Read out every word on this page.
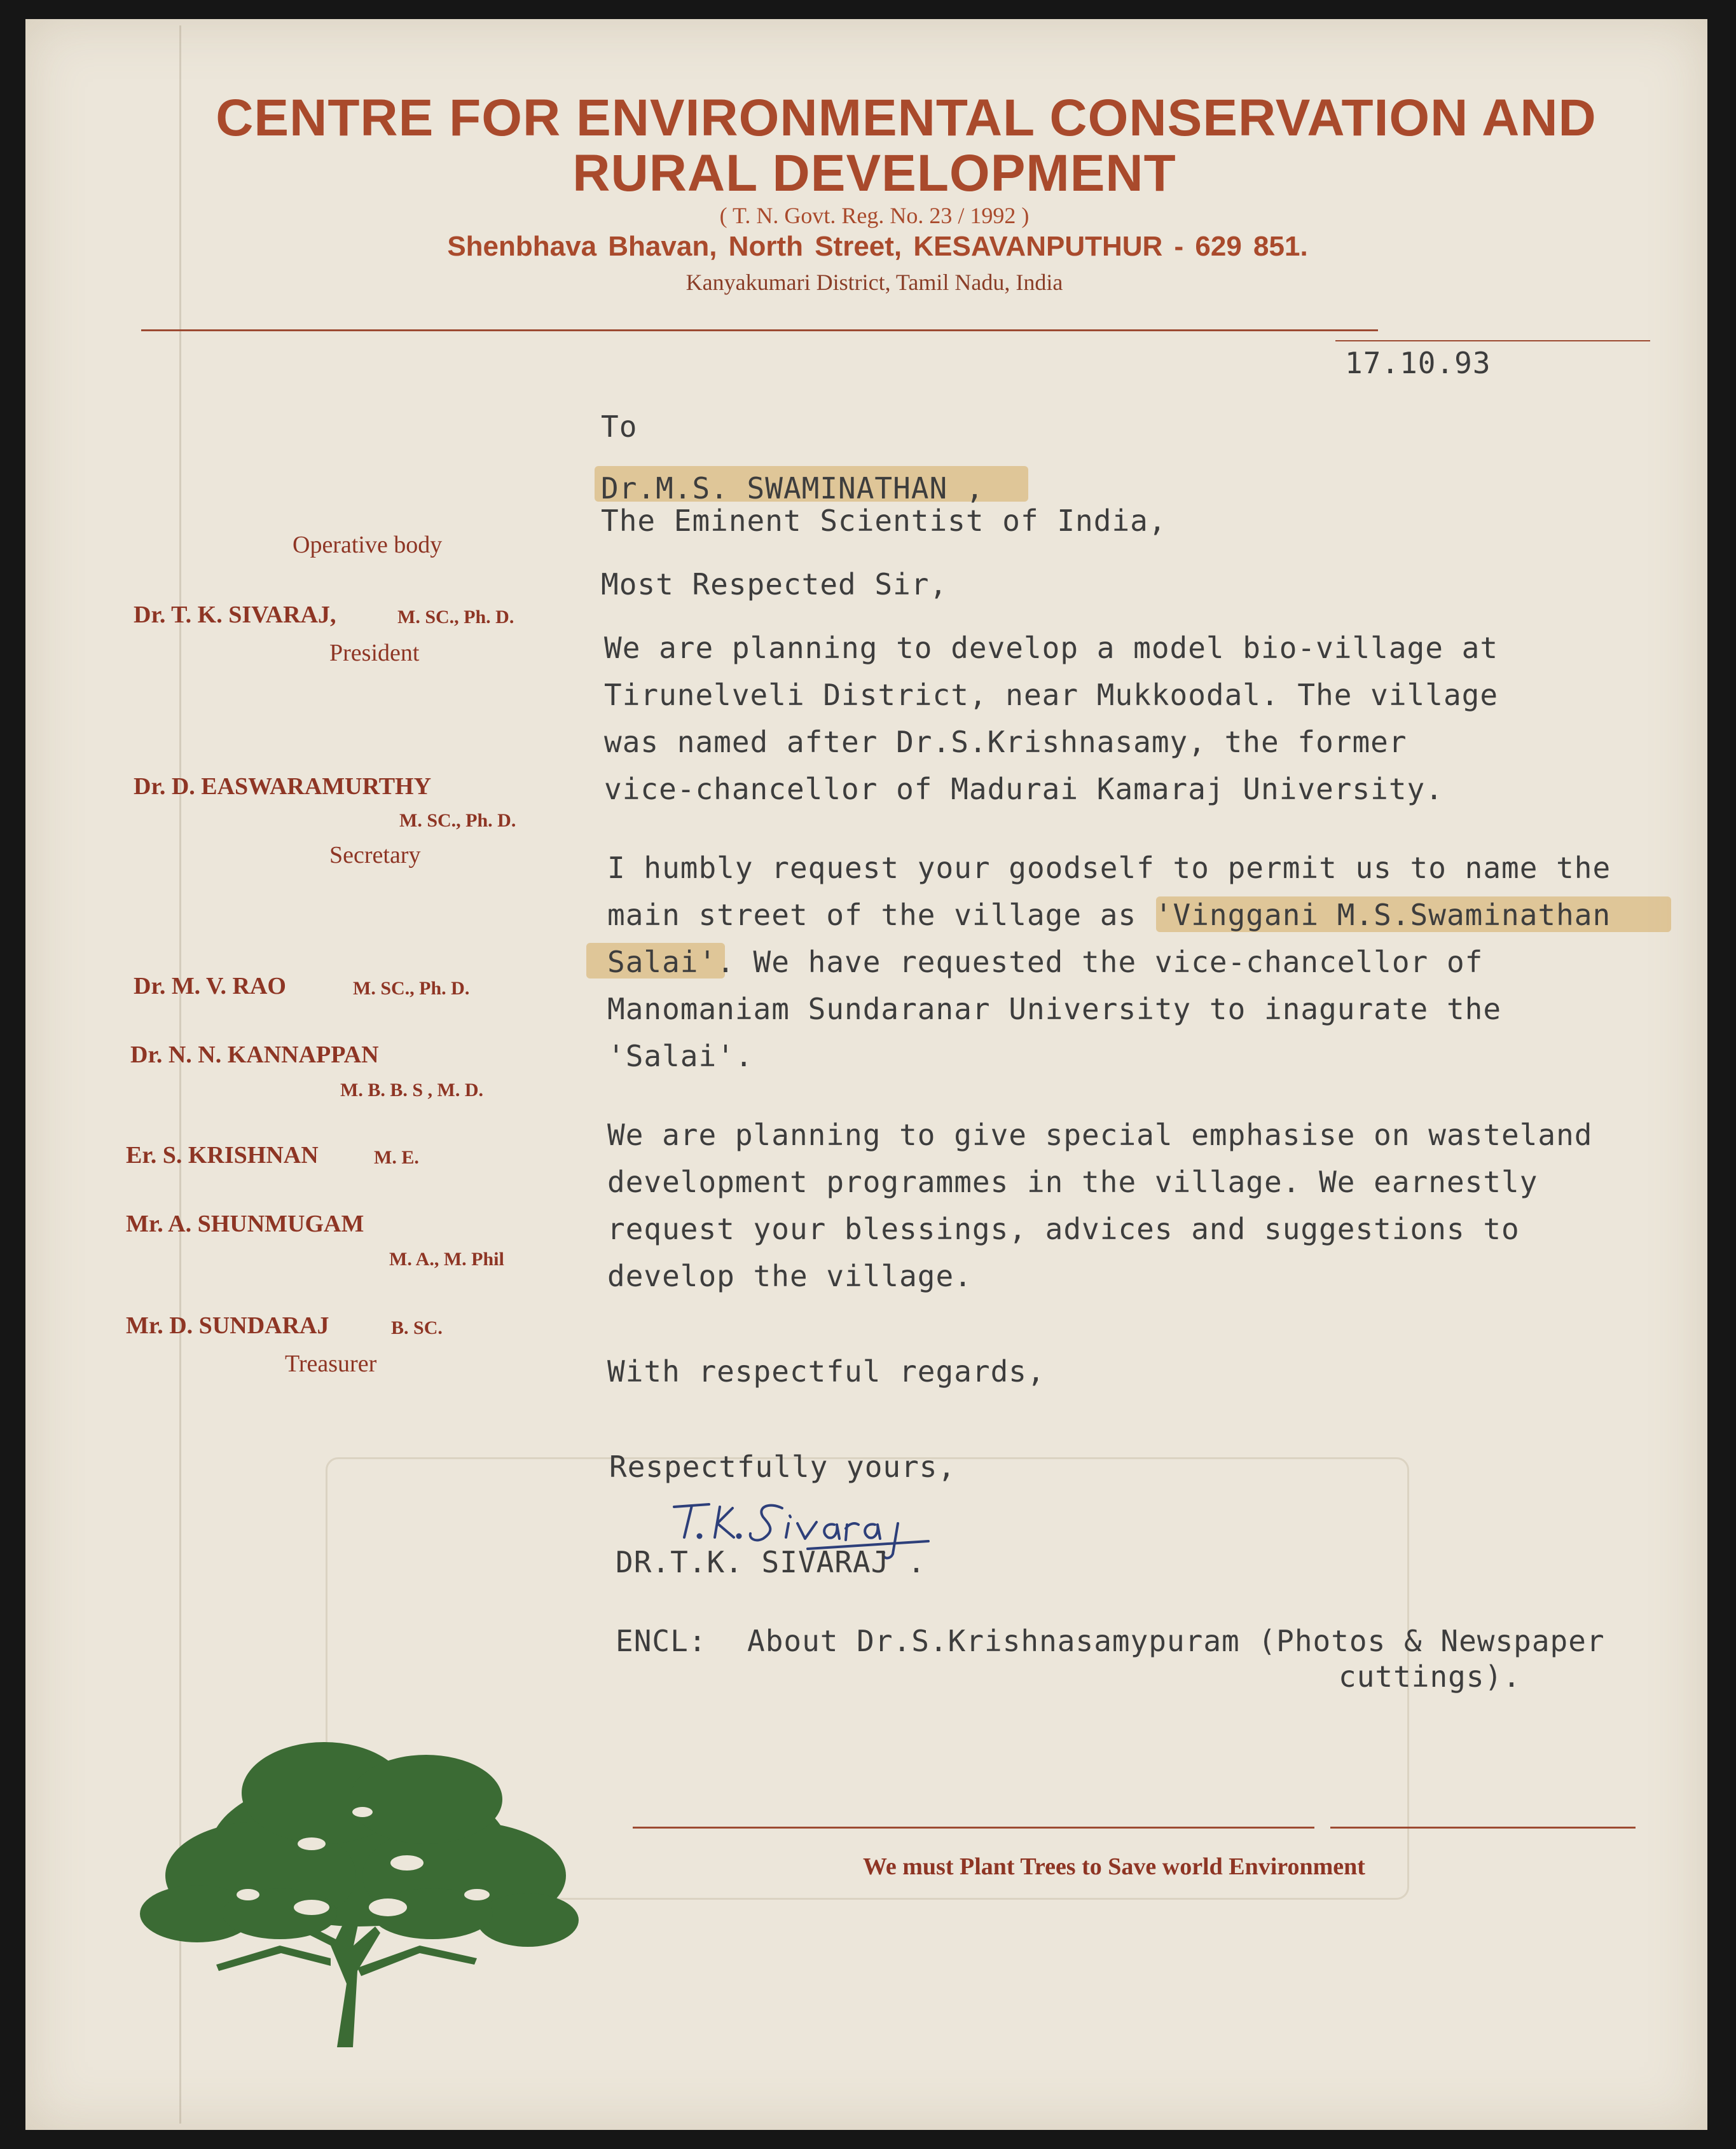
CENTRE FOR ENVIRONMENTAL CONSERVATION AND
RURAL DEVELOPMENT
( T. N. Govt. Reg. No. 23 / 1992 )
Shenbhava Bhavan, North Street, KESAVANPUTHUR - 629 851.
Kanyakumari District, Tamil Nadu, India
Operative body
Dr. T. K. SIVARAJ,	M. SC., Ph. D.
President
Dr. D. EASWARAMURTHY
M. SC., Ph. D.
Secretary
Dr. M. V. RAO	M. SC., Ph. D.
Dr. N. N. KANNAPPAN
M. B. B. S , M. D.
Er. S. KRISHNAN	M. E.
Mr. A. SHUNMUGAM
M. A., M. Phil
Mr. D. SUNDARAJ	B. SC.
Treasurer
17.10.93
To
Dr.M.S. SWAMINATHAN ,
The Eminent Scientist of India,
Most Respected Sir,
We are planning to develop a model bio-village at
Tirunelveli District, near Mukkoodal. The village
was named after Dr.S.Krishnasamy, the former
vice-chancellor of Madurai Kamaraj University.
I humbly request your goodself to permit us to name the
main street of the village as 'Vinggani M.S.Swaminathan
Salai'. We have requested the vice-chancellor of
Manomaniam Sundaranar University to inagurate the
'Salai'.
We are planning to give special emphasise on wasteland
development programmes in the village. We earnestly
request your blessings, advices and suggestions to
develop the village.
With respectful regards,
Respectfully yours,
DR.T.K. SIVARAJ .
ENCL: About Dr.S.Krishnasamypuram (Photos & Newspaper
cuttings).
We must Plant Trees to Save world Environment
